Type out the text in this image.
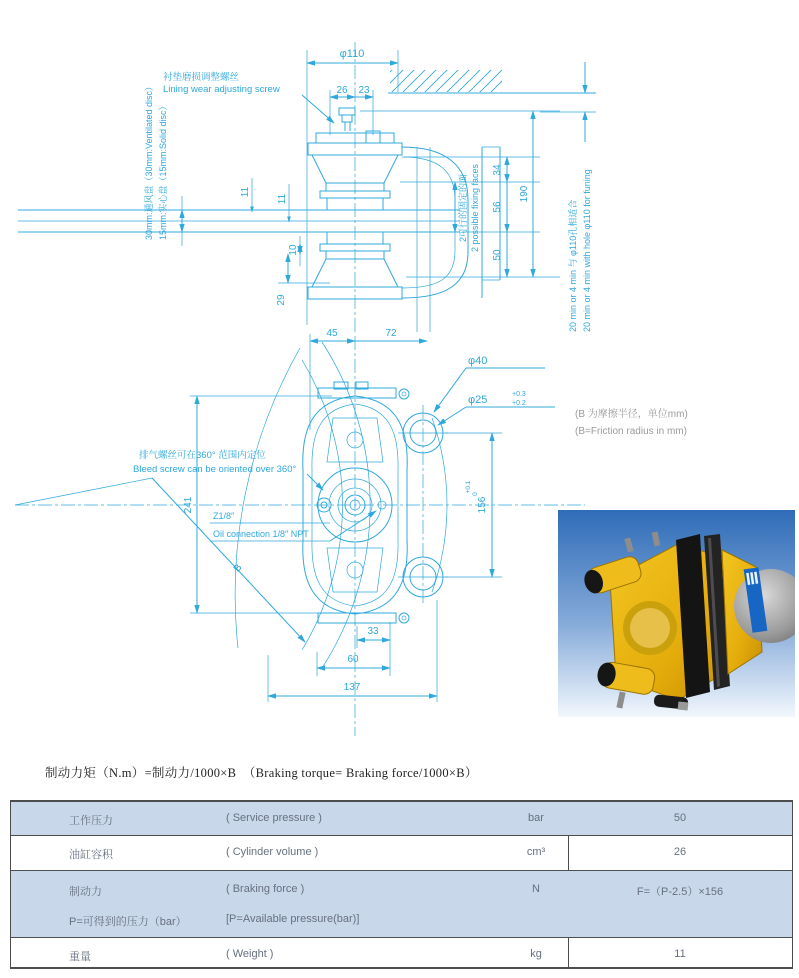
φ110
26 23
衬垫磨损调整螺丝
Lining wear adjusting screw
30mm:通风盘（30mm:Ventilated disc） 15mm:实心盘（15mm:Solid disc）	11
11
10
29
34
56
50
190
2可行的固定的面 2 possible fixing faces	20 min or 4 min 与 φ110孔相适合 20 min or 4 min with hole φ110 for funing
45	72
φ40
φ25	+0.3
+0.2
156
+0.1
0
241
B
排气螺丝可在360° 范围内定位
Bleed screw can be oriented over 360°
Z1/8″
Oil connection 1/8″ NPT
33
60
137
(B 为摩擦半径，单位mm)
(B=Friction radius in mm)
制动力矩（N.m）=制动力/1000×B　（Braking torque= Braking force/1000×B）
工作压力	( Service pressure )	bar	50
油缸容积	( Cylinder volume )	cm³	26
制动力	( Braking force )	N	F=（P-2.5）×156
P=可得到的压力（bar）	[P=Available pressure(bar)]
重量	( Weight )	kg	11
